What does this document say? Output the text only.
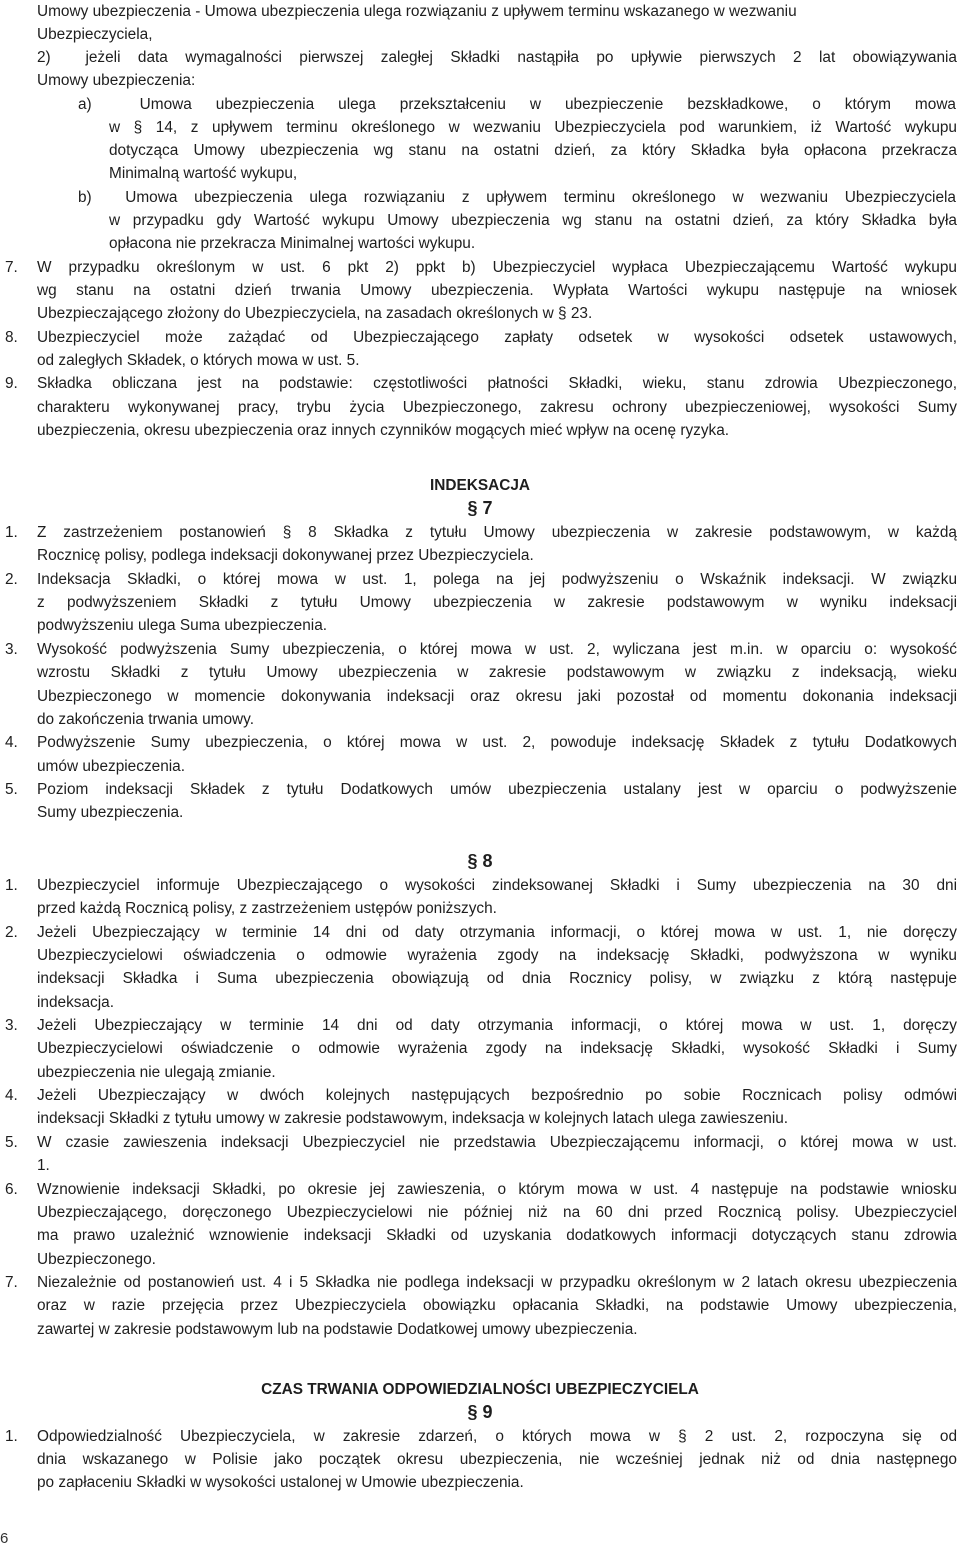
Umowy ubezpieczenia - Umowa ubezpieczenia ulega rozwiązaniu z upływem terminu wskazanego w wezwaniu
Ubezpieczyciela,
2)  jeżeli data wymagalności pierwszej zaległej Składki nastąpiła po upływie pierwszych 2 lat obowiązywania
Umowy ubezpieczenia:
a)  Umowa ubezpieczenia ulega przekształceniu w ubezpieczenie bezskładkowe, o którym mowa
w § 14, z upływem terminu określonego w wezwaniu Ubezpieczyciela pod warunkiem, iż Wartość wykupu
dotycząca Umowy ubezpieczenia wg stanu na ostatni dzień, za który Składka była opłacona przekracza
Minimalną wartość wykupu,
b)  Umowa ubezpieczenia ulega rozwiązaniu z upływem terminu określonego w wezwaniu Ubezpieczyciela
w przypadku gdy Wartość wykupu Umowy ubezpieczenia wg stanu na ostatni dzień, za który Składka była
opłacona nie przekracza Minimalnej wartości wykupu.
7.	W przypadku określonym w ust. 6 pkt 2) ppkt b) Ubezpieczyciel wypłaca Ubezpieczającemu Wartość wykupu
wg stanu na ostatni dzień trwania Umowy ubezpieczenia. Wypłata Wartości wykupu następuje na wniosek
Ubezpieczającego złożony do Ubezpieczyciela, na zasadach określonych w § 23.
8.	Ubezpieczyciel może zażądać od Ubezpieczającego zapłaty odsetek w wysokości odsetek ustawowych,
od zaległych Składek, o których mowa w ust. 5.
9.	Składka obliczana jest na podstawie: częstotliwości płatności Składki, wieku, stanu zdrowia Ubezpieczonego,
charakteru wykonywanej pracy, trybu życia Ubezpieczonego, zakresu ochrony ubezpieczeniowej, wysokości Sumy
ubezpieczenia, okresu ubezpieczenia oraz innych czynników mogących mieć wpływ na ocenę ryzyka.
INDEKSACJA
§ 7
1.	Z zastrzeżeniem postanowień § 8 Składka z tytułu Umowy ubezpieczenia w zakresie podstawowym, w każdą
Rocznicę polisy, podlega indeksacji dokonywanej przez Ubezpieczyciela.
2.	Indeksacja Składki, o której mowa w ust. 1, polega na jej podwyższeniu o Wskaźnik indeksacji. W związku
z podwyższeniem Składki z tytułu Umowy ubezpieczenia w zakresie podstawowym w wyniku indeksacji
podwyższeniu ulega Suma ubezpieczenia.
3.	Wysokość podwyższenia Sumy ubezpieczenia, o której mowa w ust. 2, wyliczana jest m.in. w oparciu o: wysokość
wzrostu Składki z tytułu Umowy ubezpieczenia w zakresie podstawowym w związku z indeksacją, wieku
Ubezpieczonego w momencie dokonywania indeksacji oraz okresu jaki pozostał od momentu dokonania indeksacji
do zakończenia trwania umowy.
4.	Podwyższenie Sumy ubezpieczenia, o której mowa w ust. 2, powoduje indeksację Składek z tytułu Dodatkowych
umów ubezpieczenia.
5.	Poziom indeksacji Składek z tytułu Dodatkowych umów ubezpieczenia ustalany jest w oparciu o podwyższenie
Sumy ubezpieczenia.
§ 8
1.	Ubezpieczyciel informuje Ubezpieczającego o wysokości zindeksowanej Składki i Sumy ubezpieczenia na 30 dni
przed każdą Rocznicą polisy, z zastrzeżeniem ustępów poniższych.
2.	Jeżeli Ubezpieczający w terminie 14 dni od daty otrzymania informacji, o której mowa w ust. 1, nie doręczy
Ubezpieczycielowi oświadczenia o odmowie wyrażenia zgody na indeksację Składki, podwyższona w wyniku
indeksacji Składka i Suma ubezpieczenia obowiązują od dnia Rocznicy polisy, w związku z którą następuje
indeksacja.
3.	Jeżeli Ubezpieczający w terminie 14 dni od daty otrzymania informacji, o której mowa w ust. 1, doręczy
Ubezpieczycielowi oświadczenie o odmowie wyrażenia zgody na indeksację Składki, wysokość Składki i Sumy
ubezpieczenia nie ulegają zmianie.
4.	Jeżeli Ubezpieczający w dwóch kolejnych następujących bezpośrednio po sobie Rocznicach polisy odmówi
indeksacji Składki z tytułu umowy w zakresie podstawowym, indeksacja w kolejnych latach ulega zawieszeniu.
5.	W czasie zawieszenia indeksacji Ubezpieczyciel nie przedstawia Ubezpieczającemu informacji, o której mowa w ust.
1.
6.	Wznowienie indeksacji Składki, po okresie jej zawieszenia, o którym mowa w ust. 4 następuje na podstawie wniosku
Ubezpieczającego, doręczonego Ubezpieczycielowi nie później niż na 60 dni przed Rocznicą polisy. Ubezpieczyciel
ma prawo uzależnić wznowienie indeksacji Składki od uzyskania dodatkowych informacji dotyczących stanu zdrowia
Ubezpieczonego.
7.	Niezależnie od postanowień ust. 4 i 5 Składka nie podlega indeksacji w przypadku określonym w 2 latach okresu ubezpieczenia
oraz w razie przejęcia przez Ubezpieczyciela obowiązku opłacania Składki, na podstawie Umowy ubezpieczenia,
zawartej w zakresie podstawowym lub na podstawie Dodatkowej umowy ubezpieczenia.
CZAS TRWANIA ODPOWIEDZIALNOŚCI UBEZPIECZYCIELA
§ 9
1.	Odpowiedzialność Ubezpieczyciela, w zakresie zdarzeń, o których mowa w § 2 ust. 2, rozpoczyna się od
dnia wskazanego w Polisie jako początek okresu ubezpieczenia, nie wcześniej jednak niż od dnia następnego
po zapłaceniu Składki w wysokości ustalonej w Umowie ubezpieczenia.
6
